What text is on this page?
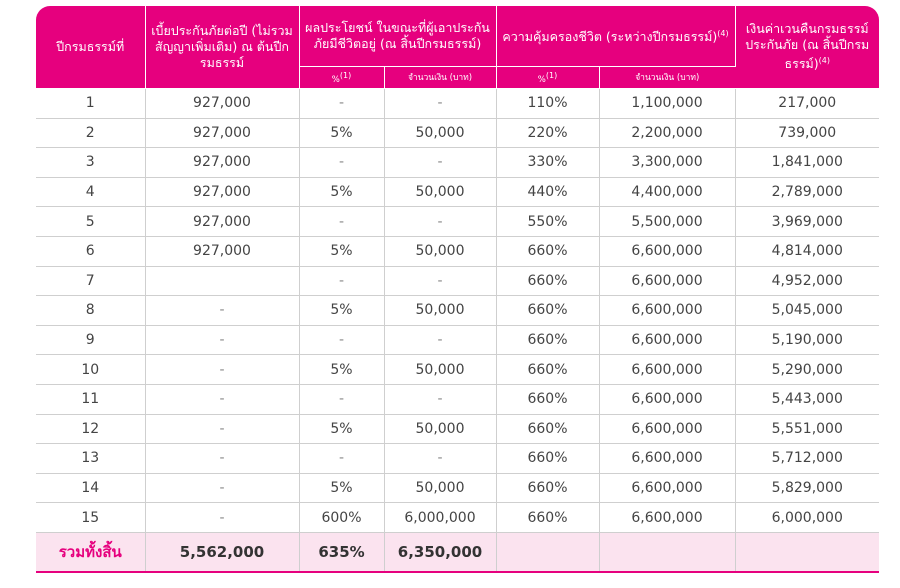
ปีกรมธรรม์ที่	เบี้ยประกันภัยต่อปี (ไม่รวมสัญญาเพิ่มเติม) ณ ต้นปีกรมธรรม์	ผลประโยชน์ ในขณะที่ผู้เอาประกันภัยมีชีวิตอยู่ (ณ สิ้นปีกรมธรรม์)		ความคุ้มครองชีวิต (ระหว่างปีกรมธรรม์)$^{(4)}$		เงินค่าเวนคืนกรมธรรม์ประกันภัย (ณ สิ้นปีกรมธรรม์)$^{(4)}$
		%$^{(1)}$	จำนวนเงิน (บาท)	%$^{(1)}$	จำนวนเงิน (บาท)	
1	927,000	-	-	110%	1,100,000	217,000
2	927,000	5%	50,000	220%	2,200,000	739,000
3	927,000	-	-	330%	3,300,000	1,841,000
4	927,000	5%	50,000	440%	4,400,000	2,789,000
5	927,000	-	-	550%	5,500,000	3,969,000
6	927,000	5%	50,000	660%	6,600,000	4,814,000
7		-	-	660%	6,600,000	4,952,000
8	-	5%	50,000	660%	6,600,000	5,045,000
9	-	-	-	660%	6,600,000	5,190,000
10	-	5%	50,000	660%	6,600,000	5,290,000
11	-	-	-	660%	6,600,000	5,443,000
12	-	5%	50,000	660%	6,600,000	5,551,000
13	-	-	-	660%	6,600,000	5,712,000
14	-	5%	50,000	660%	6,600,000	5,829,000
15	-	600%	6,000,000	660%	6,600,000	6,000,000
รวมทั้งสิ้น	5,562,000	635%	6,350,000			
